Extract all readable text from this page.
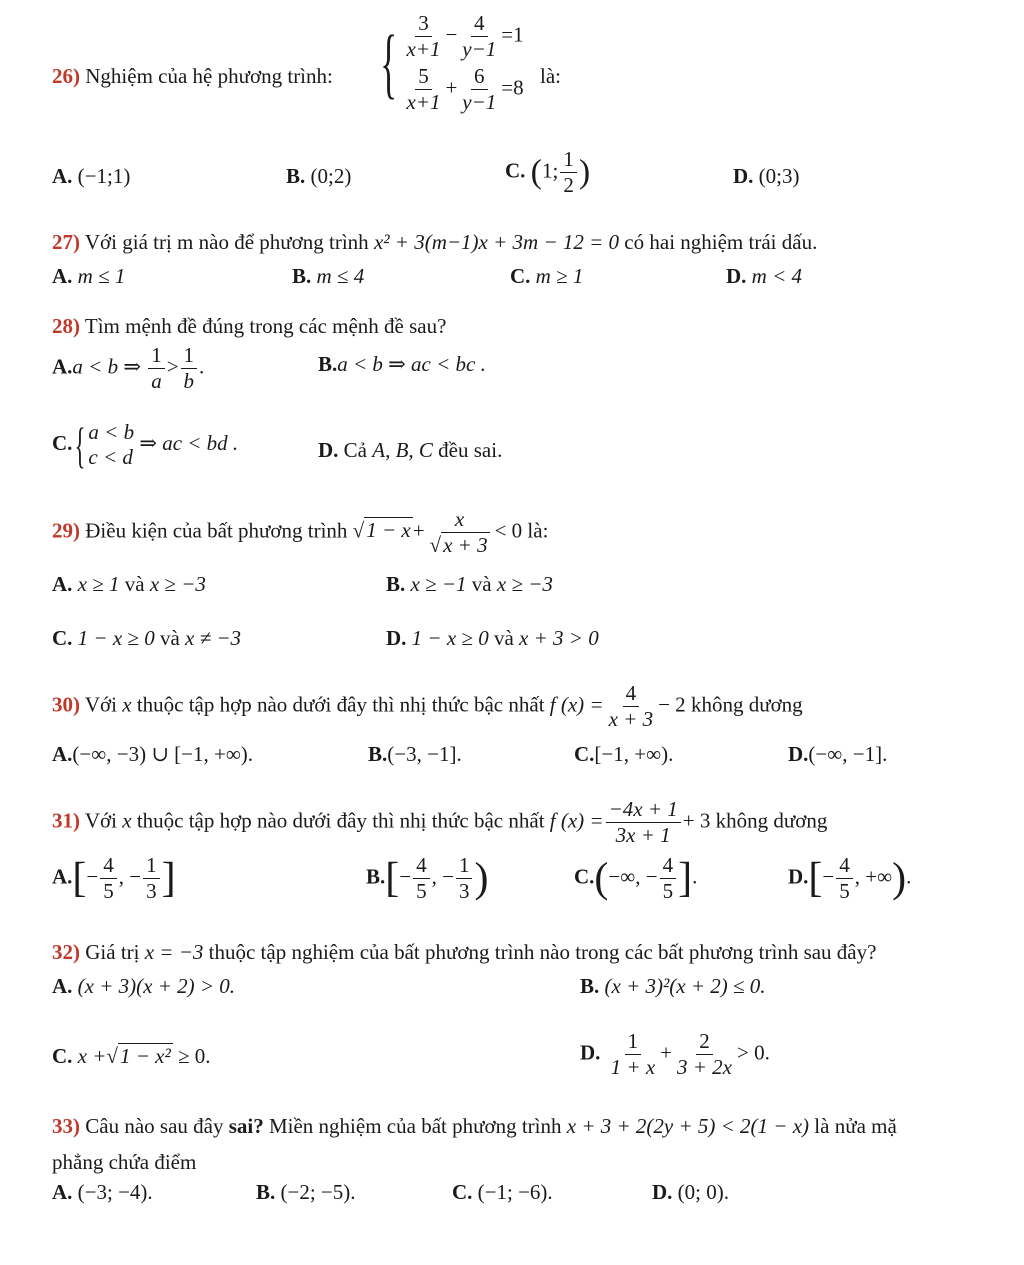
26) Nghiệm của hệ phương trình: { $\frac{3}{x+1} - \frac{4}{y-1} =1$
$\frac{5}{x+1} + \frac{6}{y-1} =8$ là:
A. (−1;1)	B. (0;2)	C. (1; $\frac{1}{2}$ )	D. (0;3)
27) Với giá trị m nào để phương trình x² + 3(m−1)x + 3m − 12 = 0 có hai nghiệm trái dấu.
A. m ≤ 1	B. m ≤ 4	C. m ≥ 1	D. m < 4
28) Tìm mệnh đề đúng trong các mệnh đề sau?
A.a < b ⇒ $\frac{1}{a} > \frac{1}{b}$ .	B.a < b ⇒ ac < bc .
C. { a < b
c < d
⇒ ac < bd .	D. Cả A, B, C đều sai.
29) Điều kiện của bất phương trình $√1 - x+ \frac{x}{√x + 3} < 0$ là:
A. x ≥ 1 và x ≥ −3	B. x ≥ −1 và x ≥ −3
C. 1 − x ≥ 0 và x ≠ −3	D. 1 − x ≥ 0 và x + 3 > 0
30) Với x thuộc tập hợp nào dưới đây thì nhị thức bậc nhất f $(x) = \frac{4}{x + 3} - 2$ không dương
A.(−∞, −3) ∪ [−1, +∞).	B.(−3, −1].	C.[−1, +∞).	D.(−∞, −1].
31) Với x thuộc tập hợp nào dưới đây thì nhị thức bậc nhất f $(x) = \frac{-4x + 1}{3x + 1} + 3$ không dương
$A.[- \frac{4}{5}$ , − $\frac{1}{3}$ ]	$B.[- \frac{4}{5}$ , − $\frac{1}{3}$ )	C.(−∞, − $\frac{4}{5}$ ].	$D.[- \frac{4}{5}$ , +∞).
32) Giá trị x = −3 thuộc tập nghiệm của bất phương trình nào trong các bất phương trình sau đây?
A. (x + 3)(x + 2) > 0.	B. (x + 3)²(x + 2) ≤ 0.
C. x +√1 − x² ≥ 0.	D. $\frac{1}{1 + x} + \frac{2}{3 + 2x} > 0$.
33) Câu nào sau đây sai? Miền nghiệm của bất phương trình x + 3 + 2(2y + 5) < 2(1 − x) là nửa mặ
phẳng chứa điểm
A. (−3; −4).	B. (−2; −5).	C. (−1; −6).	D. (0; 0).
